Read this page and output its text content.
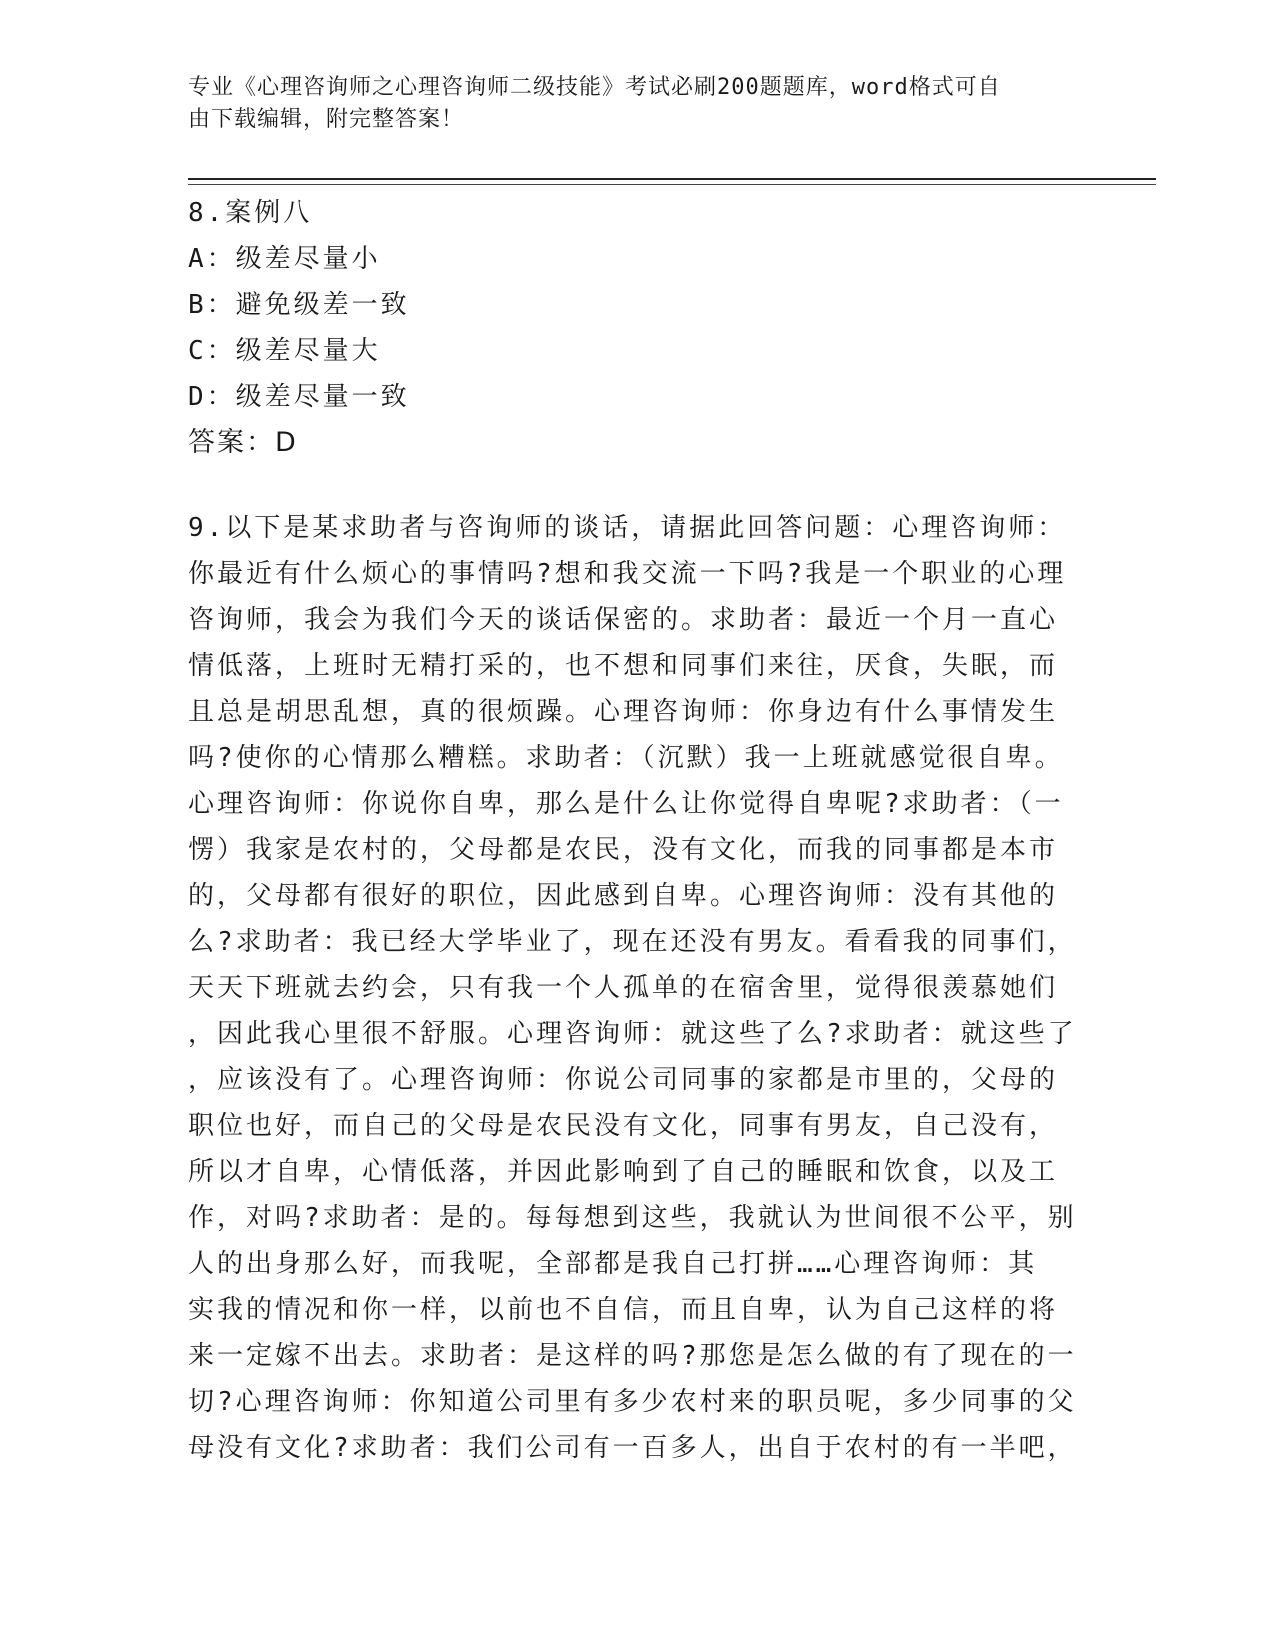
专业《心理咨询师之心理咨询师二级技能》考试必刷200题题库，word格式可自
由下载编辑，附完整答案！
8.案例八
A：级差尽量小
B：避免级差一致
C：级差尽量大
D：级差尽量一致
答案：D
9.以下是某求助者与咨询师的谈话，请据此回答问题：心理咨询师：
你最近有什么烦心的事情吗?想和我交流一下吗?我是一个职业的心理
咨询师，我会为我们今天的谈话保密的。求助者：最近一个月一直心
情低落，上班时无精打采的，也不想和同事们来往，厌食，失眠，而
且总是胡思乱想，真的很烦躁。心理咨询师：你身边有什么事情发生
吗?使你的心情那么糟糕。求助者：（沉默）我一上班就感觉很自卑。
心理咨询师：你说你自卑，那么是什么让你觉得自卑呢?求助者：（一
愣）我家是农村的，父母都是农民，没有文化，而我的同事都是本市
的，父母都有很好的职位，因此感到自卑。心理咨询师：没有其他的
么?求助者：我已经大学毕业了，现在还没有男友。看看我的同事们，
天天下班就去约会，只有我一个人孤单的在宿舍里，觉得很羡慕她们
，因此我心里很不舒服。心理咨询师：就这些了么?求助者：就这些了
，应该没有了。心理咨询师：你说公司同事的家都是市里的，父母的
职位也好，而自己的父母是农民没有文化，同事有男友，自己没有，
所以才自卑，心情低落，并因此影响到了自己的睡眠和饮食，以及工
作，对吗?求助者：是的。每每想到这些，我就认为世间很不公平，别
人的出身那么好，而我呢，全部都是我自己打拼……心理咨询师：其
实我的情况和你一样，以前也不自信，而且自卑，认为自己这样的将
来一定嫁不出去。求助者：是这样的吗?那您是怎么做的有了现在的一
切?心理咨询师：你知道公司里有多少农村来的职员呢，多少同事的父
母没有文化?求助者：我们公司有一百多人，出自于农村的有一半吧，
